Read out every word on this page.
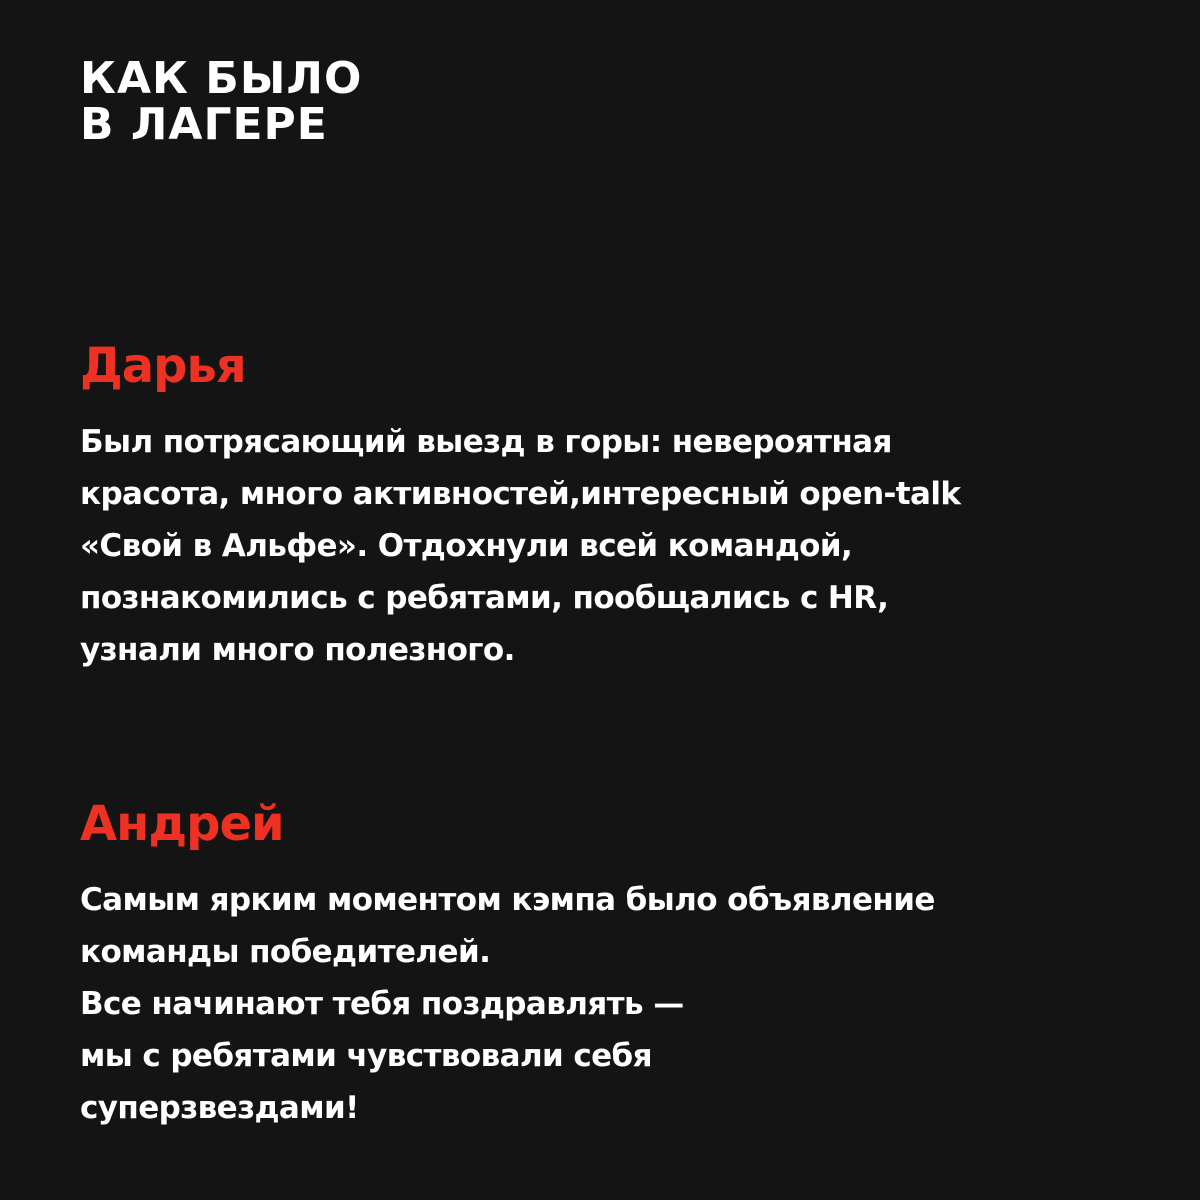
КАК БЫЛО
В ЛАГЕРЕ
Дарья

Был потрясающий выезд в горы: невероятная
красота, много активностей,интересный open-talk
«Свой в Альфе». Отдохнули всей командой,
познакомились с ребятами, пообщались с HR,
узнали много полезного.

Андрей

Самым ярким моментом кэмпа было объявление
команды победителей.
Все начинают тебя поздравлять —
мы с ребятами чувствовали себя
суперзвездами!
